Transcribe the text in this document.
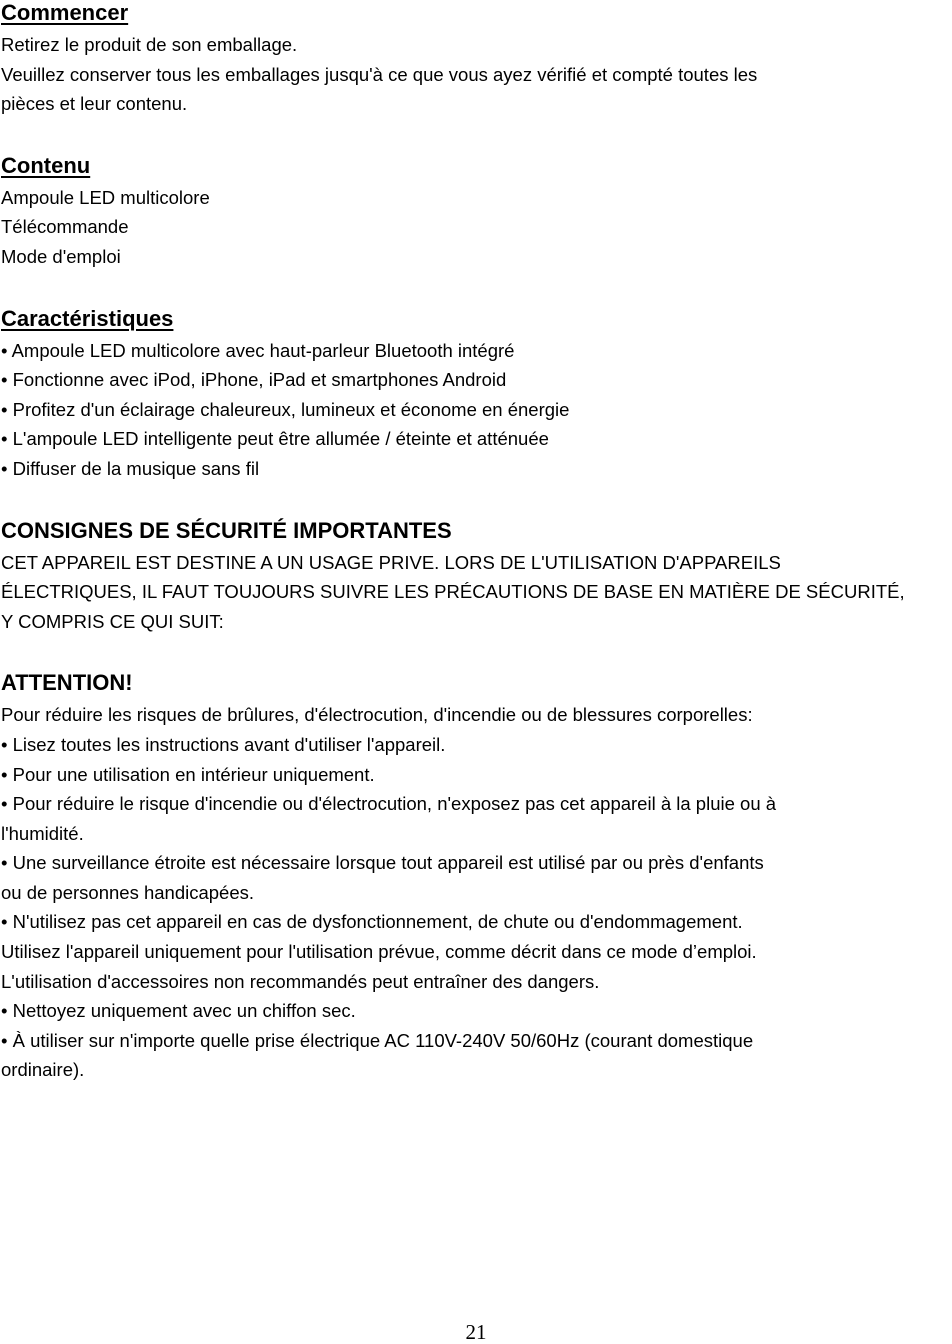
Commencer

Retirez le produit de son emballage.

Veuillez conserver tous les emballages jusqu'à ce que vous ayez vérifié et compté toutes les

pièces et leur contenu.

Contenu

Ampoule LED multicolore

Télécommande

Mode d'emploi

Caractéristiques

• Ampoule LED multicolore avec haut-parleur Bluetooth intégré

• Fonctionne avec iPod, iPhone, iPad et smartphones Android

• Profitez d'un éclairage chaleureux, lumineux et économe en énergie

• L'ampoule LED intelligente peut être allumée / éteinte et atténuée

• Diffuser de la musique sans fil

CONSIGNES DE SÉCURITÉ IMPORTANTES

CET APPAREIL EST DESTINE A UN USAGE PRIVE. LORS DE L'UTILISATION D'APPAREILS

ÉLECTRIQUES, IL FAUT TOUJOURS SUIVRE LES PRÉCAUTIONS DE BASE EN MATIÈRE DE SÉCURITÉ,

Y COMPRIS CE QUI SUIT:

ATTENTION!

Pour réduire les risques de brûlures, d'électrocution, d'incendie ou de blessures corporelles:

• Lisez toutes les instructions avant d'utiliser l'appareil.

• Pour une utilisation en intérieur uniquement.

• Pour réduire le risque d'incendie ou d'électrocution, n'exposez pas cet appareil à la pluie ou à

l'humidité.

• Une surveillance étroite est nécessaire lorsque tout appareil est utilisé par ou près d'enfants

ou de personnes handicapées.

• N'utilisez pas cet appareil en cas de dysfonctionnement, de chute ou d'endommagement.

Utilisez l'appareil uniquement pour l'utilisation prévue, comme décrit dans ce mode d’emploi.

L'utilisation d'accessoires non recommandés peut entraîner des dangers.

• Nettoyez uniquement avec un chiffon sec.

• À utiliser sur n'importe quelle prise électrique AC 110V-240V 50/60Hz (courant domestique

ordinaire).

21
